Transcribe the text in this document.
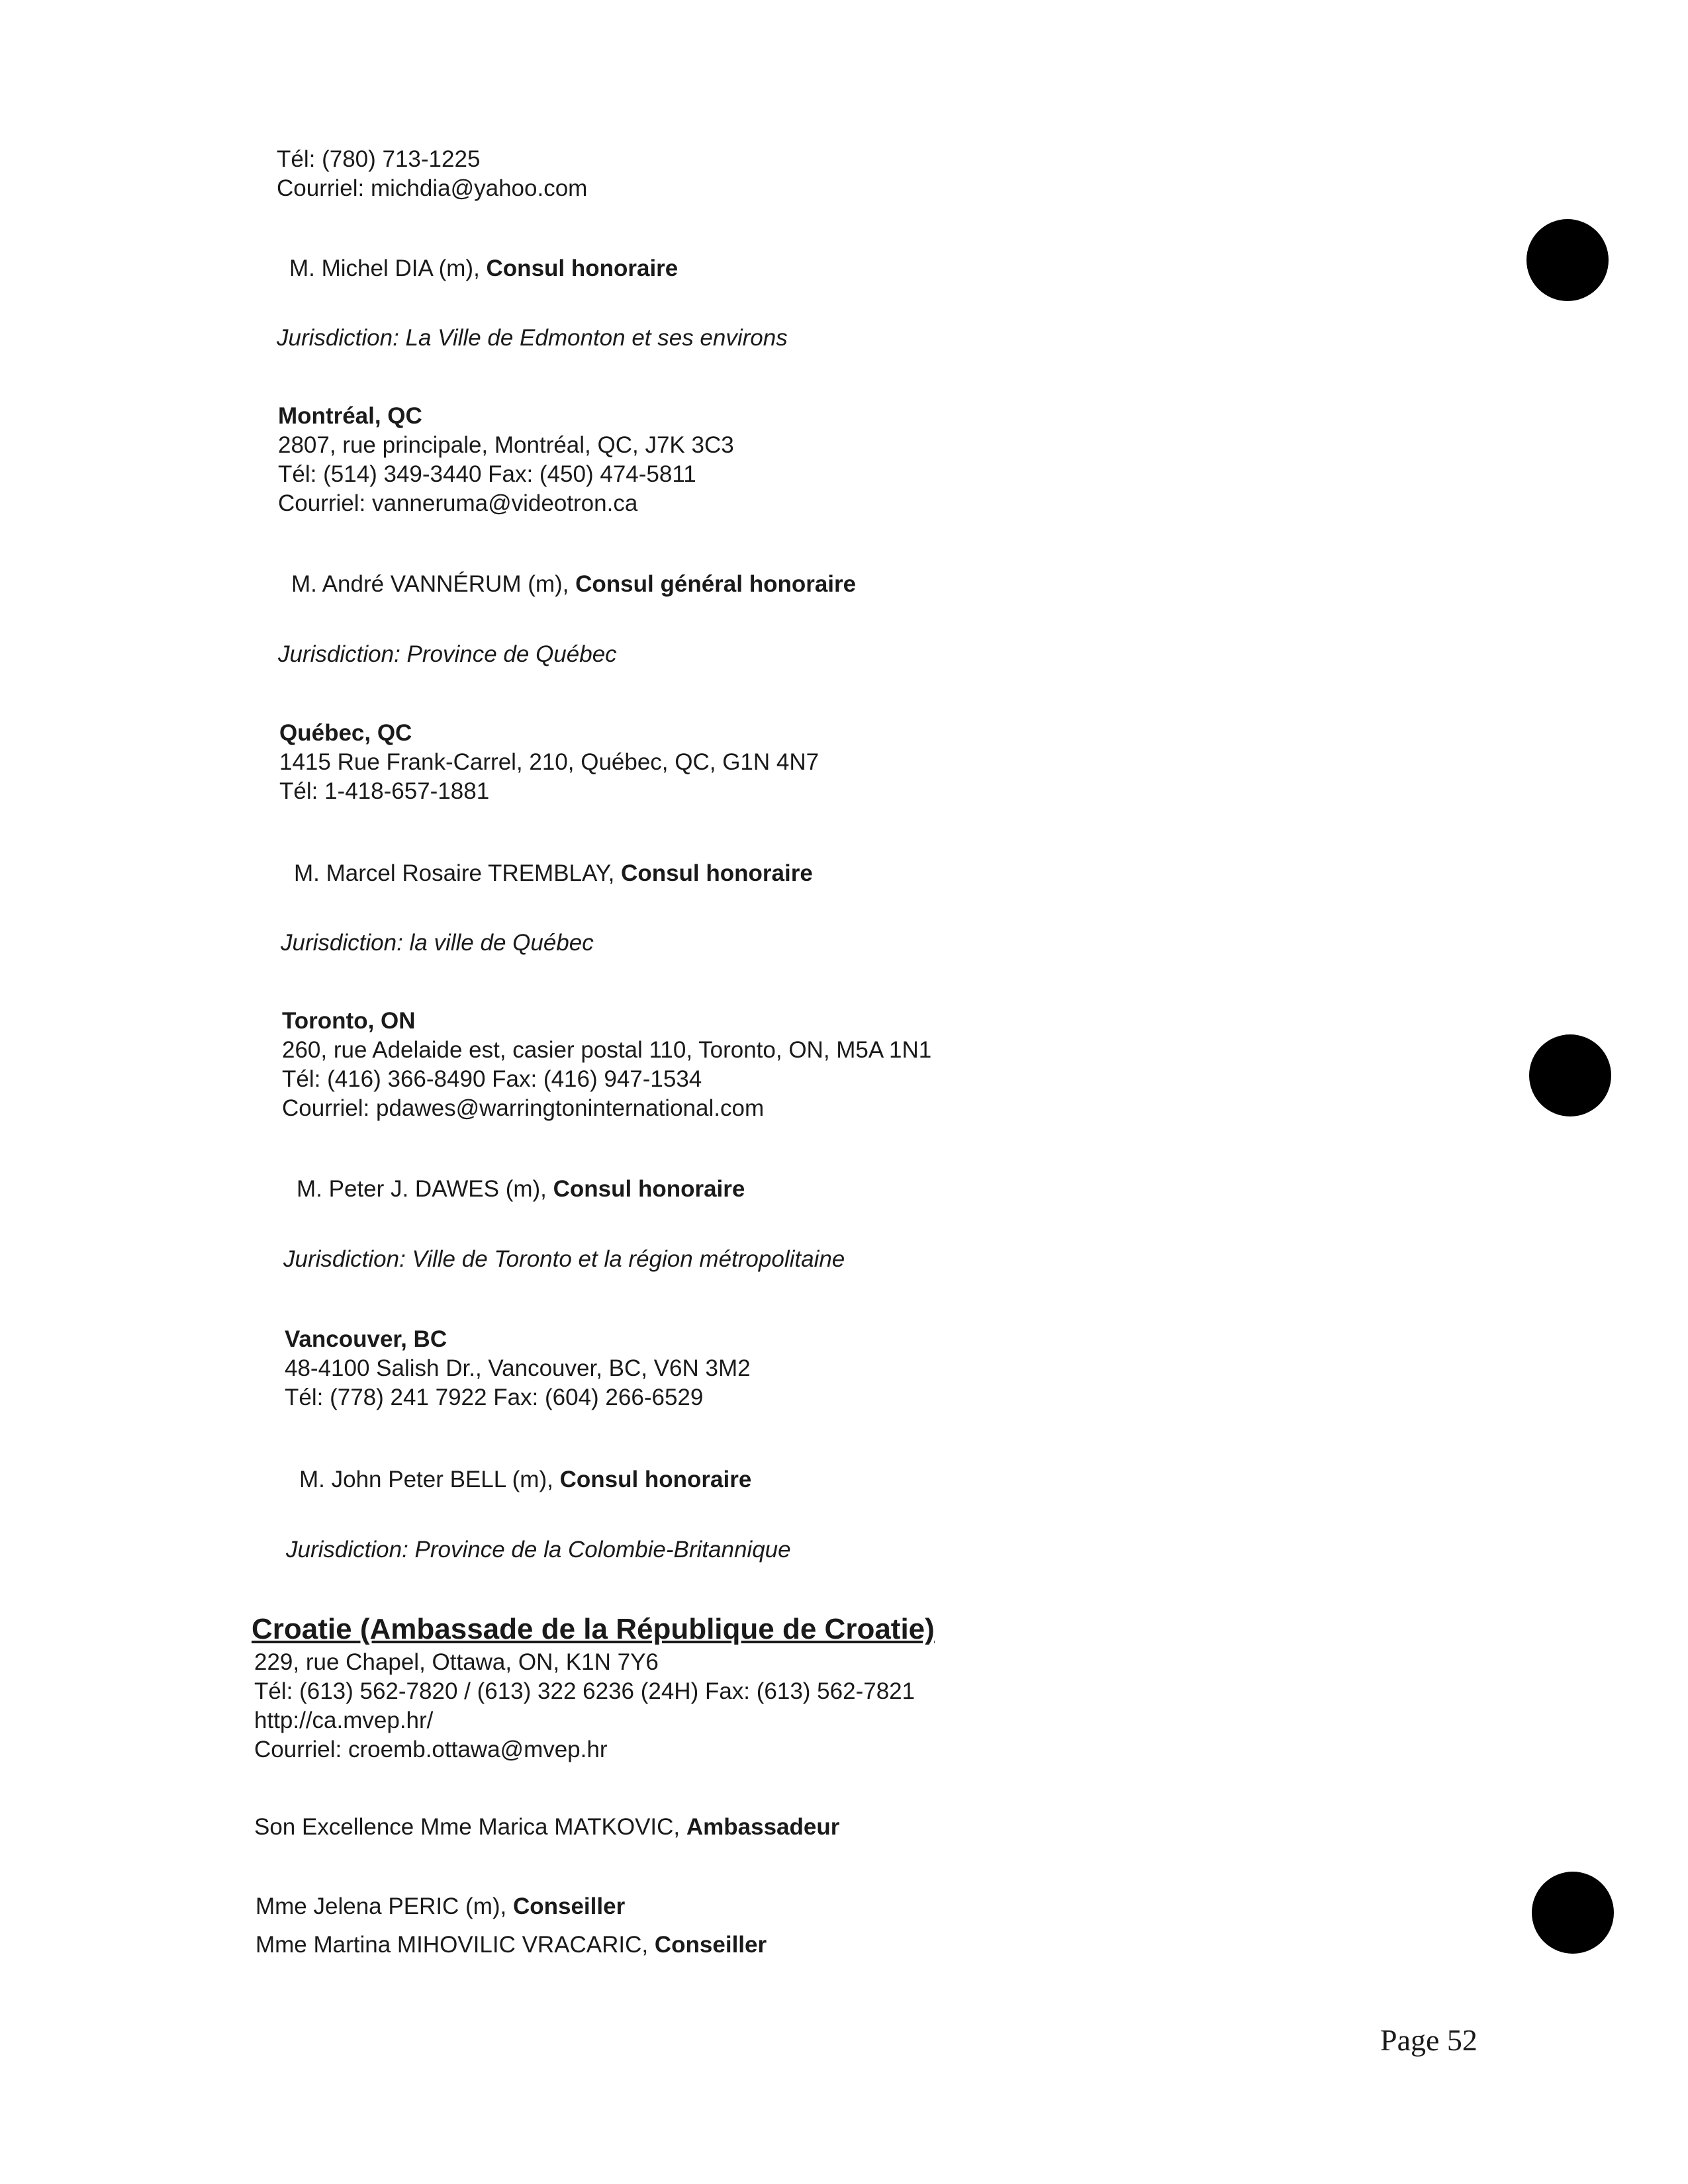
Tél: (780) 713-1225
Courriel: michdia@yahoo.com
M. Michel DIA (m), Consul honoraire
Jurisdiction: La Ville de Edmonton et ses environs
Montréal, QC
2807, rue principale, Montréal, QC, J7K 3C3
Tél: (514) 349-3440 Fax: (450) 474-5811
Courriel: vanneruma@videotron.ca
M. André VANNÉRUM (m), Consul général honoraire
Jurisdiction: Province de Québec
Québec, QC
1415 Rue Frank-Carrel, 210, Québec, QC, G1N 4N7
Tél: 1-418-657-1881
M. Marcel Rosaire TREMBLAY, Consul honoraire
Jurisdiction: la ville de Québec
Toronto, ON
260, rue Adelaide est, casier postal 110, Toronto, ON, M5A 1N1
Tél: (416) 366-8490 Fax: (416) 947-1534
Courriel: pdawes@warringtoninternational.com
M. Peter J. DAWES (m), Consul honoraire
Jurisdiction: Ville de Toronto et la région métropolitaine
Vancouver, BC
48-4100 Salish Dr., Vancouver, BC, V6N 3M2
Tél: (778) 241 7922 Fax: (604) 266-6529
M. John Peter BELL (m), Consul honoraire
Jurisdiction: Province de la Colombie-Britannique
Croatie (Ambassade de la République de Croatie)
229, rue Chapel, Ottawa, ON, K1N 7Y6
Tél: (613) 562-7820 / (613) 322 6236 (24H) Fax: (613) 562-7821
http://ca.mvep.hr/
Courriel: croemb.ottawa@mvep.hr
Son Excellence Mme Marica MATKOVIC, Ambassadeur
Mme Jelena PERIC (m), Conseiller
Mme Martina MIHOVILIC VRACARIC, Conseiller
Page 52
